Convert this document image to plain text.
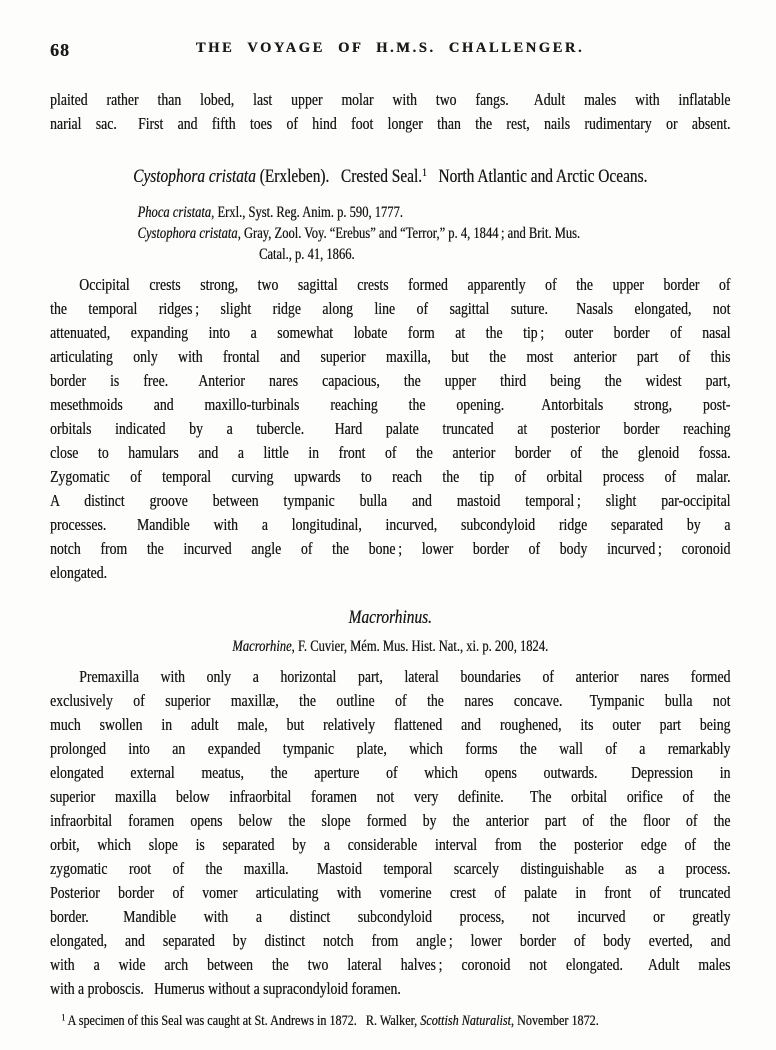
68	THE VOYAGE OF H.M.S. CHALLENGER.

plaited rather than lobed, last upper molar with two fangs.  Adult males with inflatable
narial sac.  First and fifth toes of hind foot longer than the rest, nails rudimentary or absent.

Cystophora cristata (Erxleben).  Crested Seal.$^1$  North Atlantic and Arctic Oceans.
Phoca cristata, Erxl., Syst. Reg. Anim. p. 590, 1777.
Cystophora cristata, Gray, Zool. Voy. “Erebus” and “Terror,” p. 4, 1844 ; and Brit. Mus.
Catal., p. 41, 1866.

Occipital crests strong, two sagittal crests formed apparently of the upper border of
the temporal ridges ; slight ridge along line of sagittal suture.  Nasals elongated, not
attenuated, expanding into a somewhat lobate form at the tip ; outer border of nasal
articulating only with frontal and superior maxilla, but the most anterior part of this
border is free.  Anterior nares capacious, the upper third being the widest part,
mesethmoids and maxillo-turbinals reaching the opening.  Antorbitals strong, post-
orbitals indicated by a tubercle.  Hard palate truncated at posterior border reaching
close to hamulars and a little in front of the anterior border of the glenoid fossa.
Zygomatic of temporal curving upwards to reach the tip of orbital process of malar.
A distinct groove between tympanic bulla and mastoid temporal ; slight par-occipital
processes.  Mandible with a longitudinal, incurved, subcondyloid ridge separated by a
notch from the incurved angle of the bone ; lower border of body incurved ; coronoid
elongated.

Macrorhinus.
Macrorhine, F. Cuvier, Mém. Mus. Hist. Nat., xi. p. 200, 1824.

Premaxilla with only a horizontal part, lateral boundaries of anterior nares formed
exclusively of superior maxillæ, the outline of the nares concave.  Tympanic bulla not
much swollen in adult male, but relatively flattened and roughened, its outer part being
prolonged into an expanded tympanic plate, which forms the wall of a remarkably
elongated external meatus, the aperture of which opens outwards.  Depression in
superior maxilla below infraorbital foramen not very definite.  The orbital orifice of the
infraorbital foramen opens below the slope formed by the anterior part of the floor of the
orbit, which slope is separated by a considerable interval from the posterior edge of the
zygomatic root of the maxilla.  Mastoid temporal scarcely distinguishable as a process.
Posterior border of vomer articulating with vomerine crest of palate in front of truncated
border.  Mandible with a distinct subcondyloid process, not incurved or greatly
elongated, and separated by distinct notch from angle ; lower border of body everted, and
with a wide arch between the two lateral halves ; coronoid not elongated.  Adult males
with a proboscis.  Humerus without a supracondyloid foramen.

$^1$ A specimen of this Seal was caught at St. Andrews in 1872.  R. Walker, Scottish Naturalist, November 1872.
